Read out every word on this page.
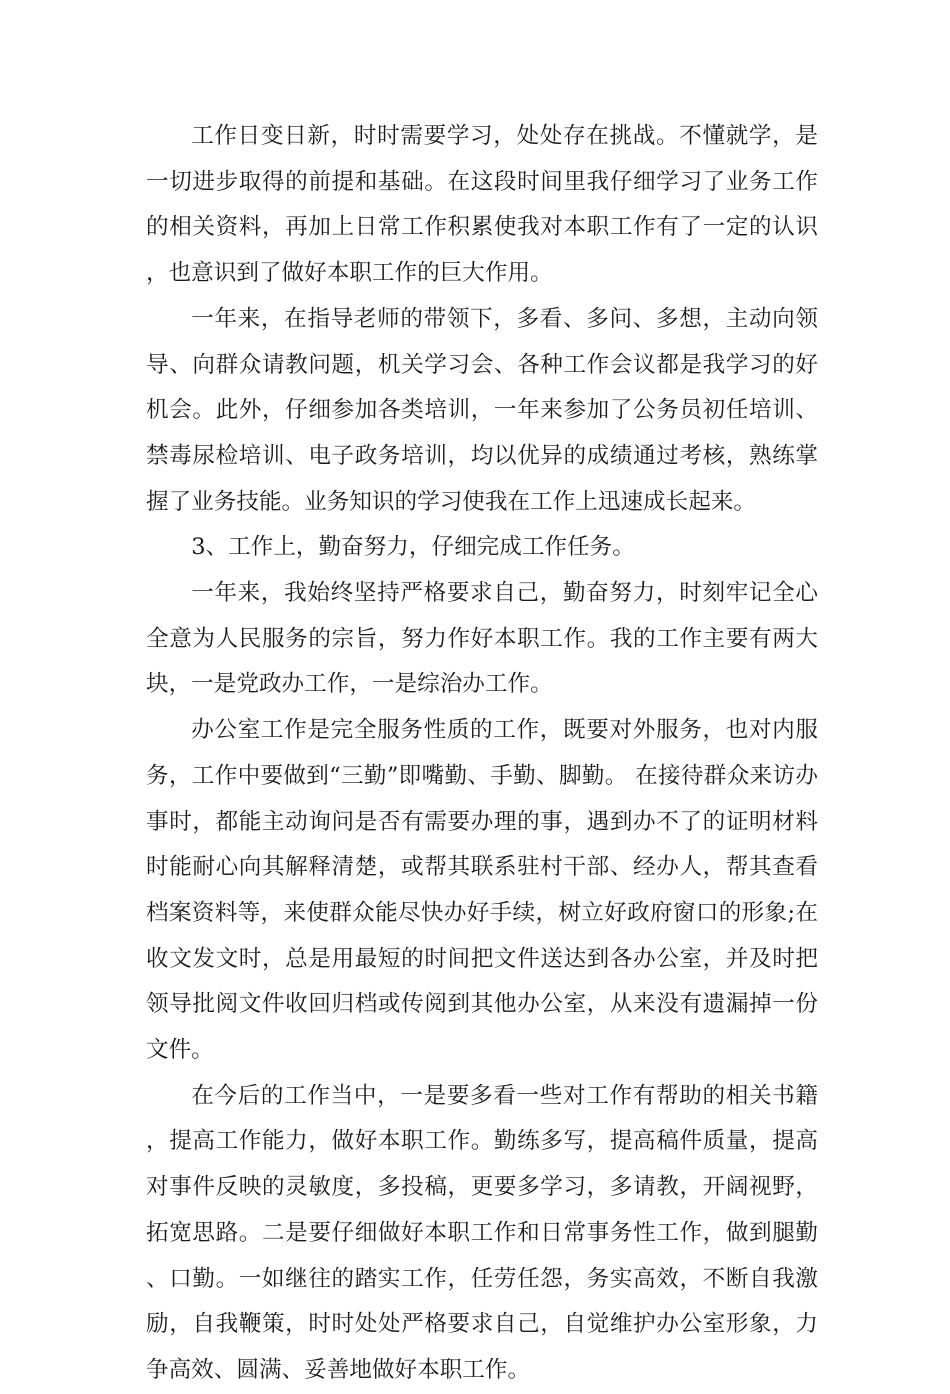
工作日变日新，时时需要学习，处处存在挑战。不懂就学，是一切进步取得的前提和基础。在这段时间里我仔细学习了业务工作的相关资料，再加上日常工作积累使我对本职工作有了一定的认识，也意识到了做好本职工作的巨大作用。

一年来，在指导老师的带领下，多看、多问、多想，主动向领导、向群众请教问题，机关学习会、各种工作会议都是我学习的好机会。此外，仔细参加各类培训，一年来参加了公务员初任培训、禁毒尿检培训、电子政务培训，均以优异的成绩通过考核，熟练掌握了业务技能。业务知识的学习使我在工作上迅速成长起来。

3、工作上，勤奋努力，仔细完成工作任务。

一年来，我始终坚持严格要求自己，勤奋努力，时刻牢记全心全意为人民服务的宗旨，努力作好本职工作。我的工作主要有两大块，一是党政办工作，一是综治办工作。

办公室工作是完全服务性质的工作，既要对外服务，也对内服务，工作中要做到“三勤”即嘴勤、手勤、脚勤。 在接待群众来访办事时，都能主动询问是否有需要办理的事，遇到办不了的证明材料时能耐心向其解释清楚，或帮其联系驻村干部、经办人，帮其查看档案资料等，来使群众能尽快办好手续，树立好政府窗口的形象;在收文发文时，总是用最短的时间把文件送达到各办公室，并及时把领导批阅文件收回归档或传阅到其他办公室，从来没有遗漏掉一份文件。

在今后的工作当中，一是要多看一些对工作有帮助的相关书籍，提高工作能力，做好本职工作。勤练多写，提高稿件质量，提高对事件反映的灵敏度，多投稿，更要多学习，多请教，开阔视野，拓宽思路。二是要仔细做好本职工作和日常事务性工作，做到腿勤、口勤。一如继往的踏实工作，任劳任怨，务实高效，不断自我激励，自我鞭策，时时处处严格要求自己，自觉维护办公室形象，力争高效、圆满、妥善地做好本职工作。
